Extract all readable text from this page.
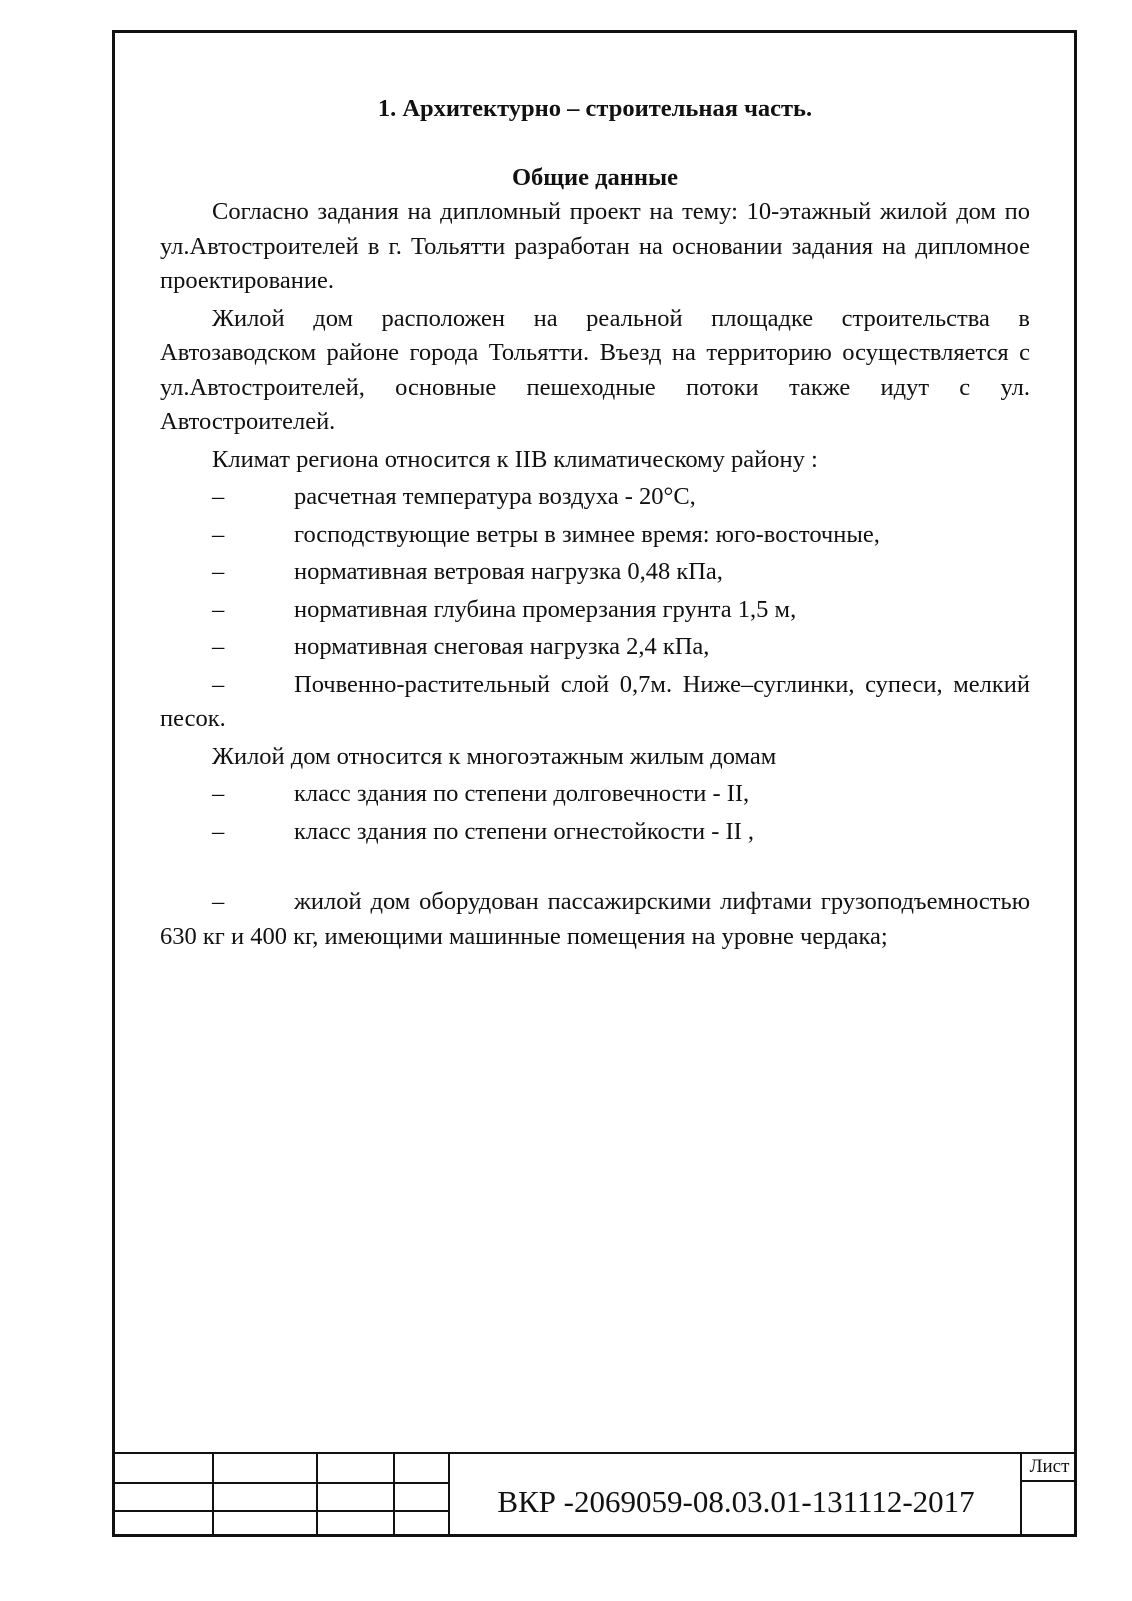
1. Архитектурно – строительная часть.

Общие данные

Согласно задания на дипломный проект на тему: 10-этажный жилой дом по ул.Автостроителей в г. Тольятти разработан на основании задания на дипломное проектирование.

Жилой дом расположен на реальной площадке строительства в Автозаводском районе города Тольятти. Въезд на территорию осуществляется с ул.Автостроителей, основные пешеходные потоки также идут с ул. Автостроителей.

Климат региона относится к IIВ климатическому району :

–	расчетная температура воздуха - 20°С,
–	господствующие ветры в зимнее время: юго-восточные,
–	нормативная ветровая нагрузка 0,48 кПа,
–	нормативная глубина промерзания грунта 1,5 м,
–	нормативная снеговая нагрузка 2,4 кПа,

–	Почвенно-растительный слой 0,7м. Ниже–суглинки, супеси, мелкий песок.

Жилой дом относится к многоэтажным жилым домам

–	класс здания по степени долговечности - II,
–	класс здания по степени огнестойкости - II ,

–	жилой дом оборудован пассажирскими лифтами грузоподъемностью       630 кг и 400 кг, имеющими машинные помещения на уровне чердака;

ВКР -2069059-08.03.01-131112-2017
Лист
